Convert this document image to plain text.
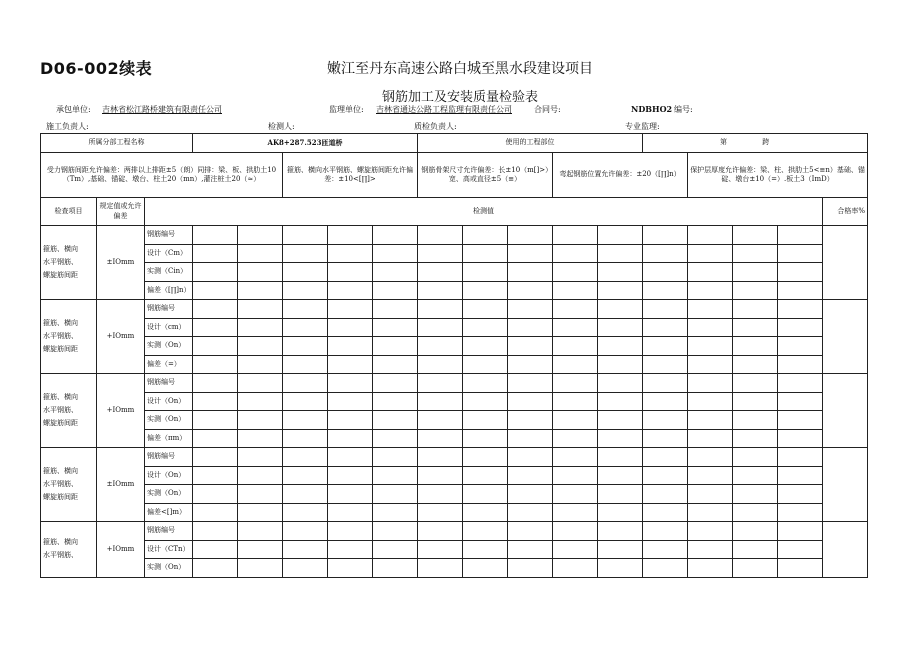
D06-002续表	嫩江至丹东高速公路白城至黑水段建设项目
钢筋加工及安装质量检验表
承包单位: 吉林省松江路桥建筑有限责任公司	监理单位: 吉林省通达公路工程监理有限责任公司	合同号:	NDBHO2 编号:
施工负责人:	检测人:	质检负责人:	专业监理:
所属分部工程名称			AK8+287.523匝道桥					使用的工程部位					第 跨				
受力钢筋间距允许偏差：两排以上排距±5（朗）同排：梁、板、拱肋土10（Tm）,基础、锚碇、墩台、柱土20（mn）,灌注桩土20（≈）					箍筋、横向水平钢筋、螺旋筋间距允许偏差：±10<[∏]>			钢筋骨架尺寸允许偏差：长±10（m[]>）宽、高或直径±5（≡）			弯起钢筋位置允许偏差：±20（[∏]n）			保护层厚度允许偏差：梁、柱、拱肋土5<≡n）基础、锚碇、墩台±10（=）.板土3（ImD）			
检查项目	规定值或允许偏差	检测值															合格率%

箍筋、横向
水平钢筋、
螺旋筋间距	±IOmm	钢筋编号															
		设计（Cm）															
		实测（Cin）															
		偏差（[∏]n）															

箍筋、横向
水平钢筋、
螺旋筋间距	+IOmm	钢筋编号															
		设计（cm）															
		实测（On）															
		偏差（=）															

箍筋、横向
水平钢筋、
螺旋筋间距	+IOmm	钢筋编号															
		设计（On）															
		实测（On）															
		偏差（πm）															

箍筋、横向
水平钢筋、
螺旋筋间距	±IOmm	钢筋编号															
		设计（On）															
		实测（On）															
		偏差<[]m）															

箍筋、横向
水平钢筋、	+IOmm	钢筋编号															
		设计（CTn）															
		实测（On）															
